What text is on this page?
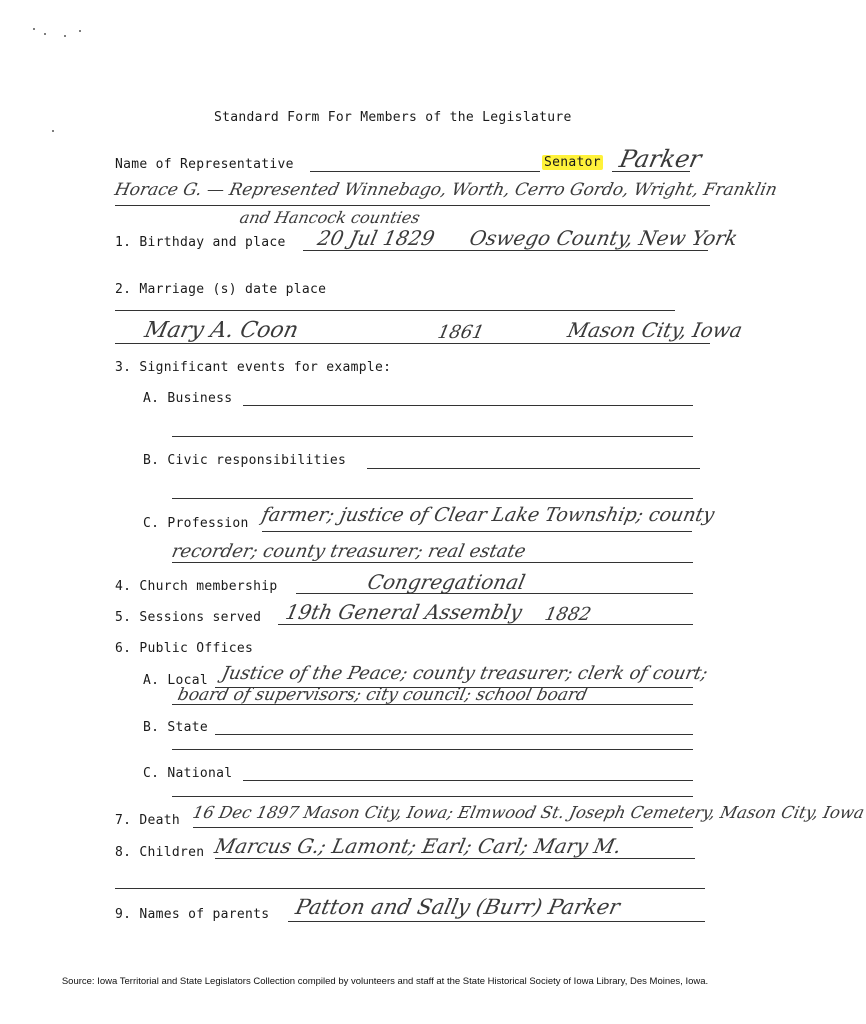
Standard Form For Members of the Legislature
Name of Representative	Senator Parker
Horace G. — Represented Winnebago, Worth, Cerro Gordo, Wright, Franklin
and Hancock counties
1. Birthday and place 20 Jul 1829 Oswego County, New York
2. Marriage (s) date place
Mary A. Coon	1861	Mason City, Iowa
3. Significant events for example:
A. Business
B. Civic responsibilities
C. Profession farmer; justice of Clear Lake Township; county
recorder; county treasurer; real estate
4. Church membership	Congregational
5. Sessions served 19th General Assembly 1882
6. Public Offices
A. Local Justice of the Peace; county treasurer; clerk of court;
board of supervisors; city council; school board
B. State
C. National
7. Death 16 Dec 1897 Mason City, Iowa; Elmwood St. Joseph Cemetery, Mason City, Iowa
8. Children Marcus G.; Lamont; Earl; Carl; Mary M.
9. Names of parents Patton and Sally (Burr) Parker
Source: Iowa Territorial and State Legislators Collection compiled by volunteers and staff at the State Historical Society of Iowa Library, Des Moines, Iowa.
